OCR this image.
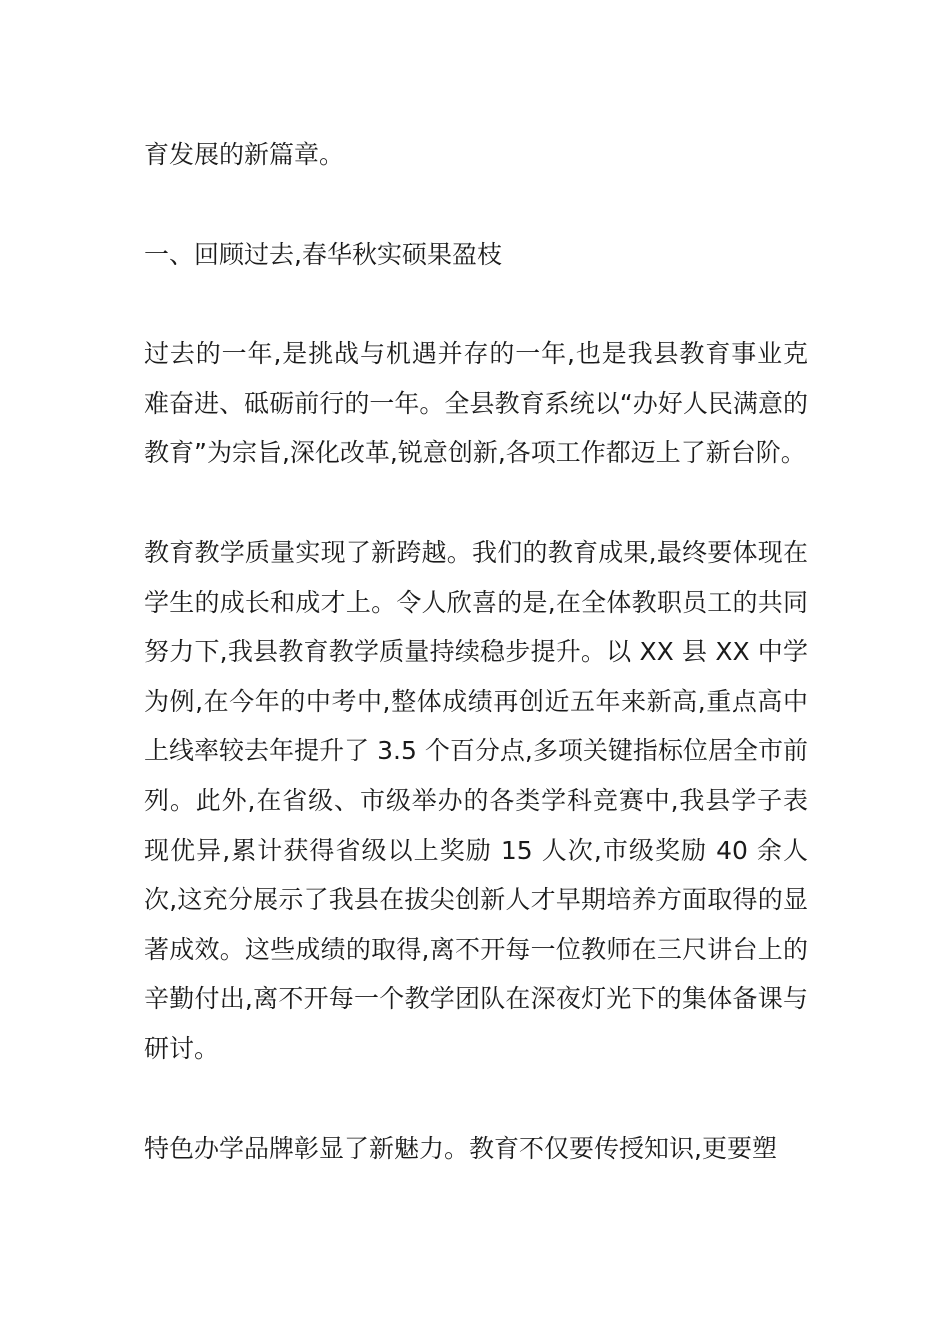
育发展的新篇章。

一、回顾过去,春华秋实硕果盈枝

过去的一年,是挑战与机遇并存的一年,也是我县教育事业克难奋进、砥砺前行的一年。全县教育系统以“办好人民满意的教育”为宗旨,深化改革,锐意创新,各项工作都迈上了新台阶。

教育教学质量实现了新跨越。我们的教育成果,最终要体现在学生的成长和成才上。令人欣喜的是,在全体教职员工的共同努力下,我县教育教学质量持续稳步提升。以 XX 县 XX 中学为例,在今年的中考中,整体成绩再创近五年来新高,重点高中上线率较去年提升了 3.5 个百分点,多项关键指标位居全市前列。此外,在省级、市级举办的各类学科竞赛中,我县学子表现优异,累计获得省级以上奖励 15 人次,市级奖励 40 余人次,这充分展示了我县在拔尖创新人才早期培养方面取得的显著成效。这些成绩的取得,离不开每一位教师在三尺讲台上的辛勤付出,离不开每一个教学团队在深夜灯光下的集体备课与研讨。

特色办学品牌彰显了新魅力。教育不仅要传授知识,更要塑
